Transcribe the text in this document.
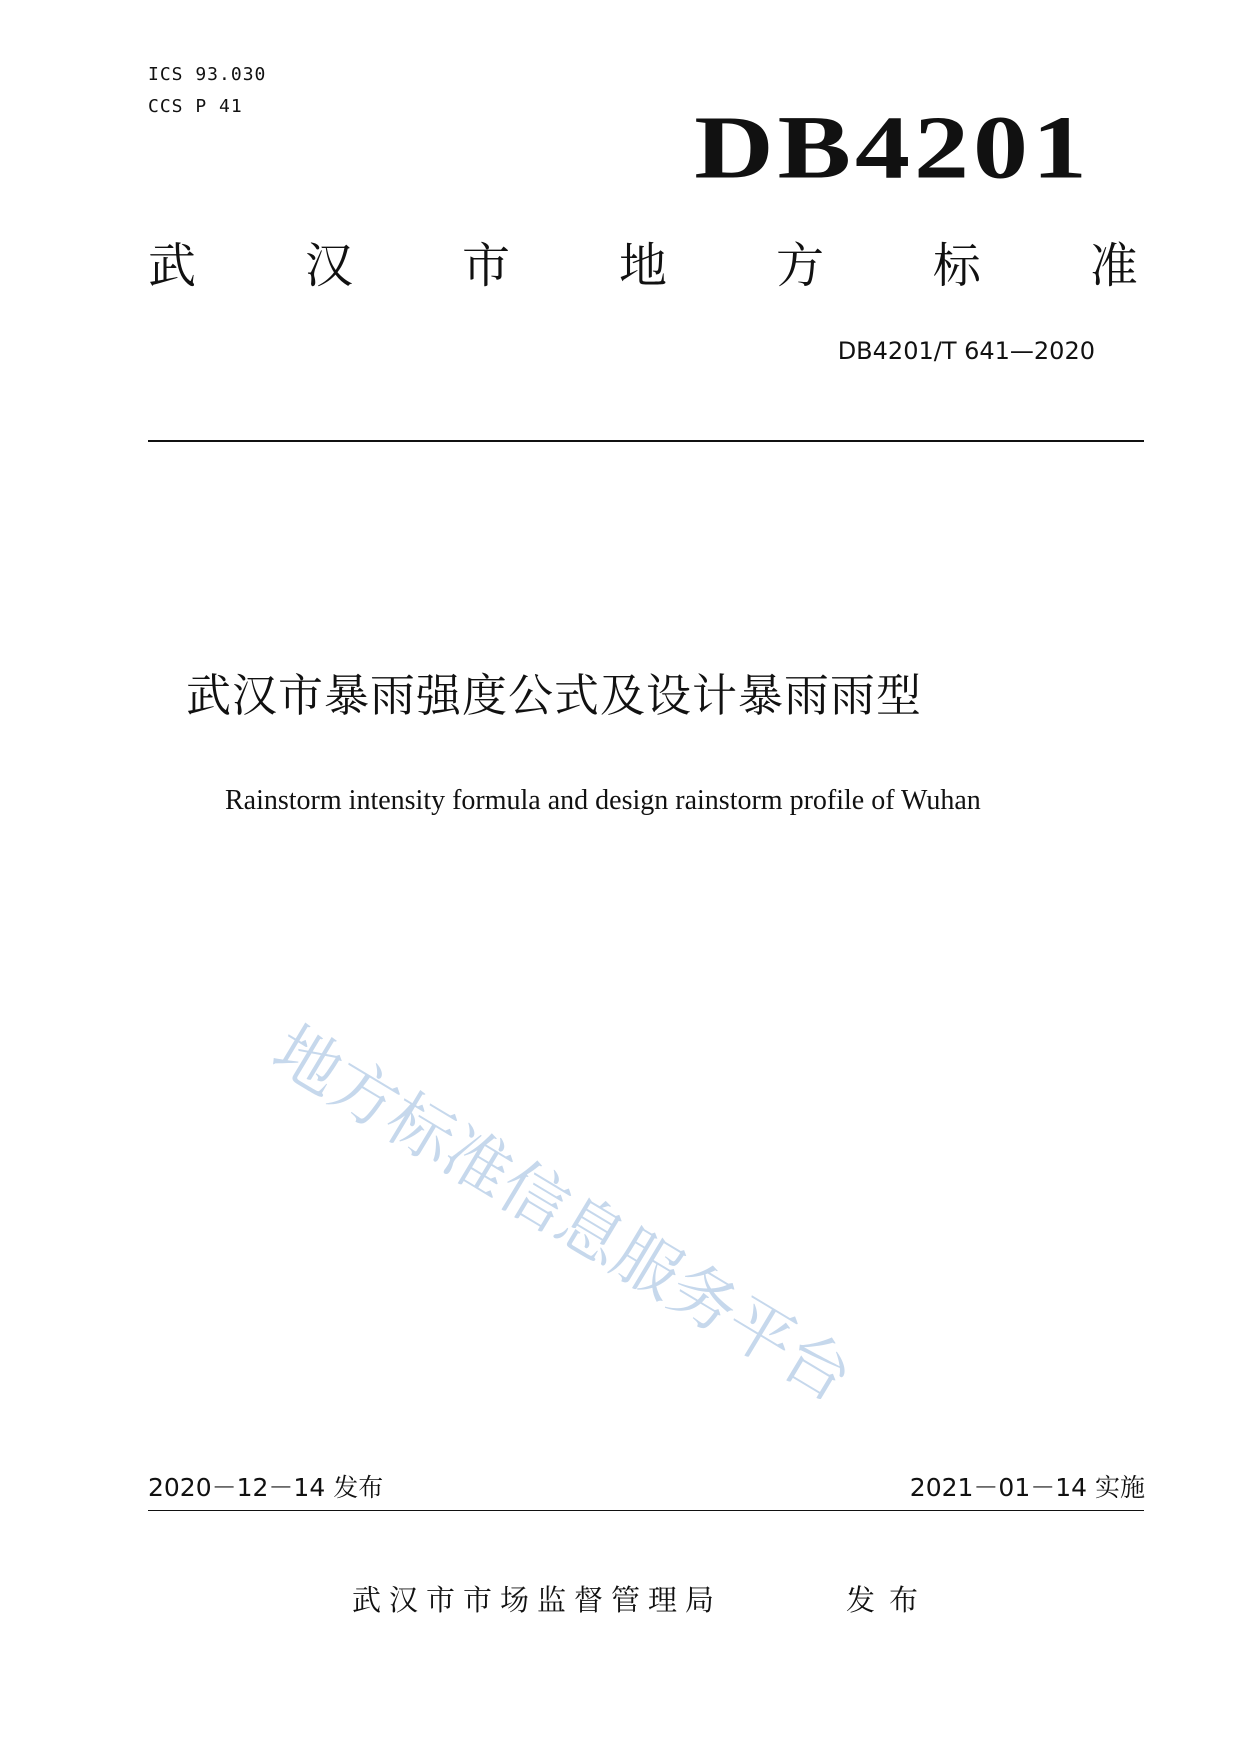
ICS 93.030
CCS P 41	DB4201
武 汉 市 地 方 标 准
DB4201/T 641—2020
武汉市暴雨强度公式及设计暴雨雨型
Rainstorm intensity formula and design rainstorm profile of Wuhan
地方标准信息服务平台
2020－12－14 发布	2021－01－14 实施
武汉市市场监督管理局	发布
